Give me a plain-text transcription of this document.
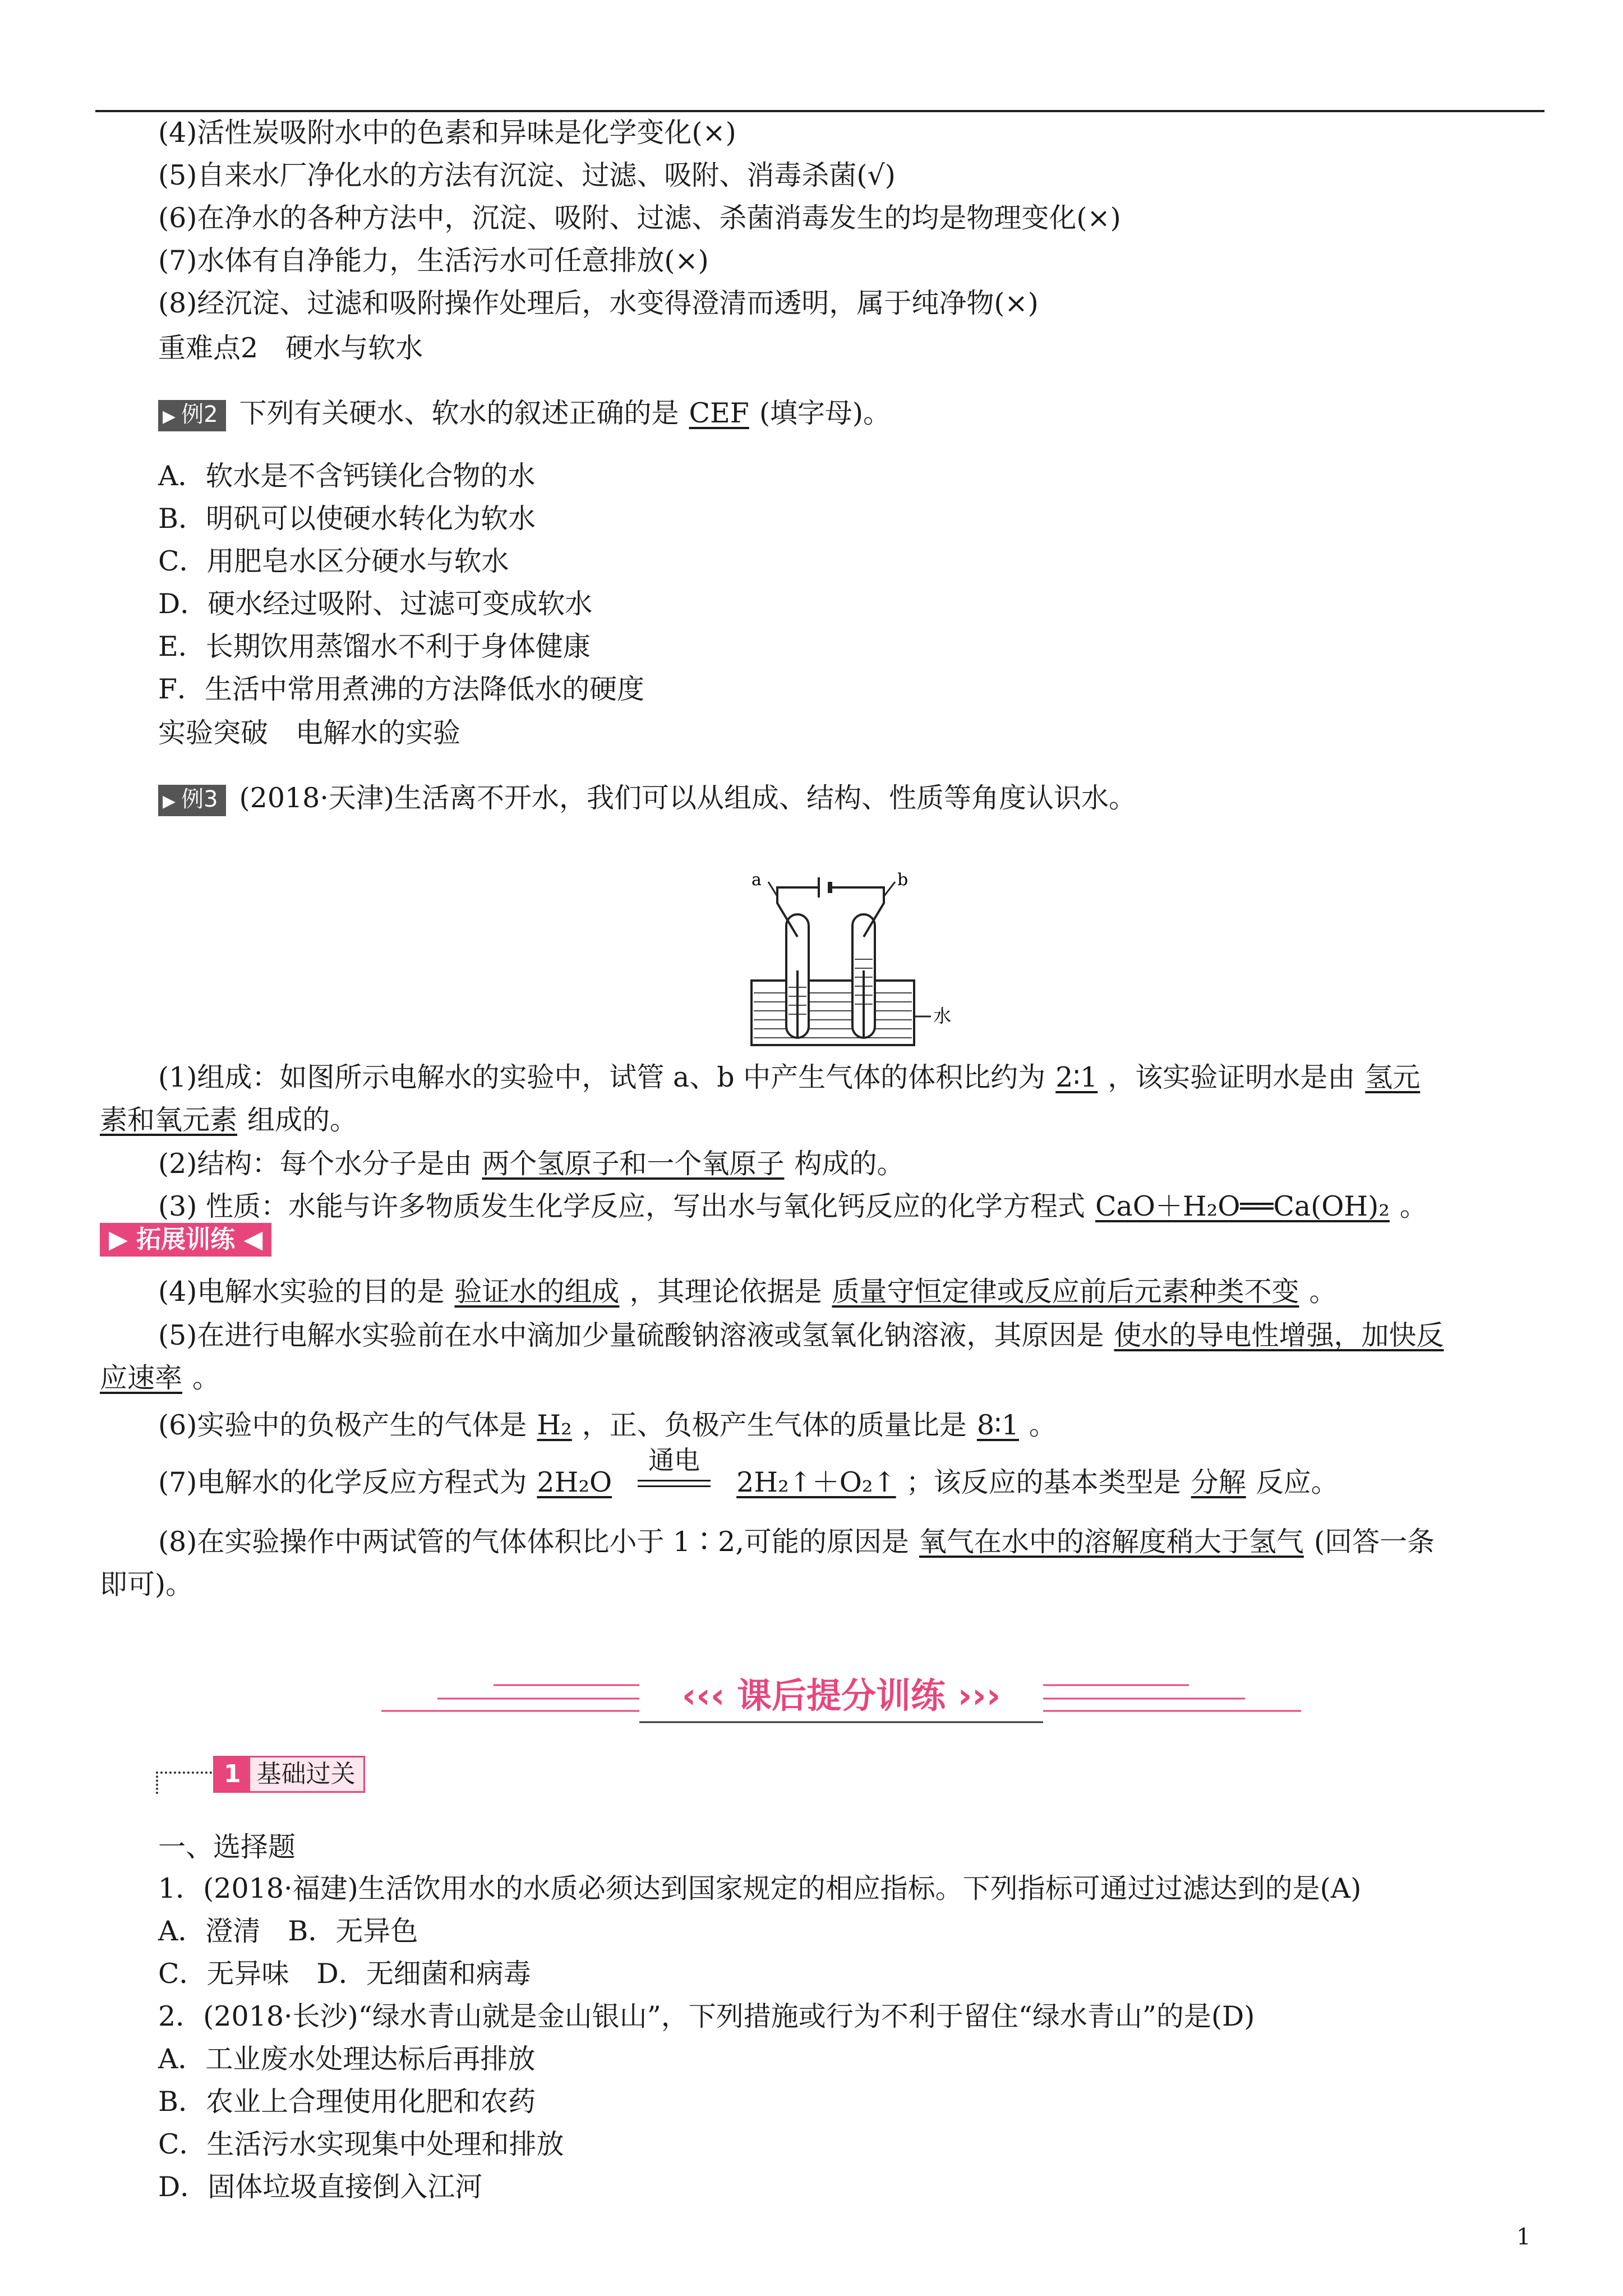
(4)活性炭吸附水中的色素和异味是化学变化(×)
(5)自来水厂净化水的方法有沉淀、过滤、吸附、消毒杀菌(√)
(6)在净水的各种方法中，沉淀、吸附、过滤、杀菌消毒发生的均是物理变化(×)
(7)水体有自净能力，生活污水可任意排放(×)
(8)经沉淀、过滤和吸附操作处理后，水变得澄清而透明，属于纯净物(×)
重难点2　硬水与软水
▶ 例2 下列有关硬水、软水的叙述正确的是 CEF (填字母)。
A．软水是不含钙镁化合物的水
B．明矾可以使硬水转化为软水
C．用肥皂水区分硬水与软水
D．硬水经过吸附、过滤可变成软水
E．长期饮用蒸馏水不利于身体健康
F．生活中常用煮沸的方法降低水的硬度
实验突破　电解水的实验
▶ 例3 (2018·天津)生活离不开水，我们可以从组成、结构、性质等角度认识水。
a	b
水
(1)组成：如图所示电解水的实验中，试管 a、b 中产生气体的体积比约为 2∶1 ，该实验证明水是由 氢元
素和氧元素 组成的。
(2)结构：每个水分子是由 两个氢原子和一个氧原子 构成的。
(3) 性质：水能与许多物质发生化学反应，写出水与氧化钙反应的化学方程式 CaO＋H₂O══Ca(OH)₂ 。
▶ 拓展训练 ◀
(4)电解水实验的目的是 验证水的组成 ，其理论依据是 质量守恒定律或反应前后元素种类不变 。
(5)在进行电解水实验前在水中滴加少量硫酸钠溶液或氢氧化钠溶液，其原因是 使水的导电性增强，加快反
应速率 。
(6)实验中的负极产生的气体是 H₂ ，正、负极产生气体的质量比是 8∶1 。
(7)电解水的化学反应方程式为 2H₂O
通电
2H₂↑＋O₂↑ ；该反应的基本类型是 分解 反应。
(8)在实验操作中两试管的气体体积比小于 1∶2,可能的原因是 氧气在水中的溶解度稍大于氢气 (回答一条
即可)。
‹‹‹ 课后提分训练 ›››
1 基础过关
一、选择题
1．(2018·福建)生活饮用水的水质必须达到国家规定的相应指标。下列指标可通过过滤达到的是(A)
A．澄清　B．无异色
C．无异味　D．无细菌和病毒
2．(2018·长沙)“绿水青山就是金山银山”，下列措施或行为不利于留住“绿水青山”的是(D)
A．工业废水处理达标后再排放
B．农业上合理使用化肥和农药
C．生活污水实现集中处理和排放
D．固体垃圾直接倒入江河
1
